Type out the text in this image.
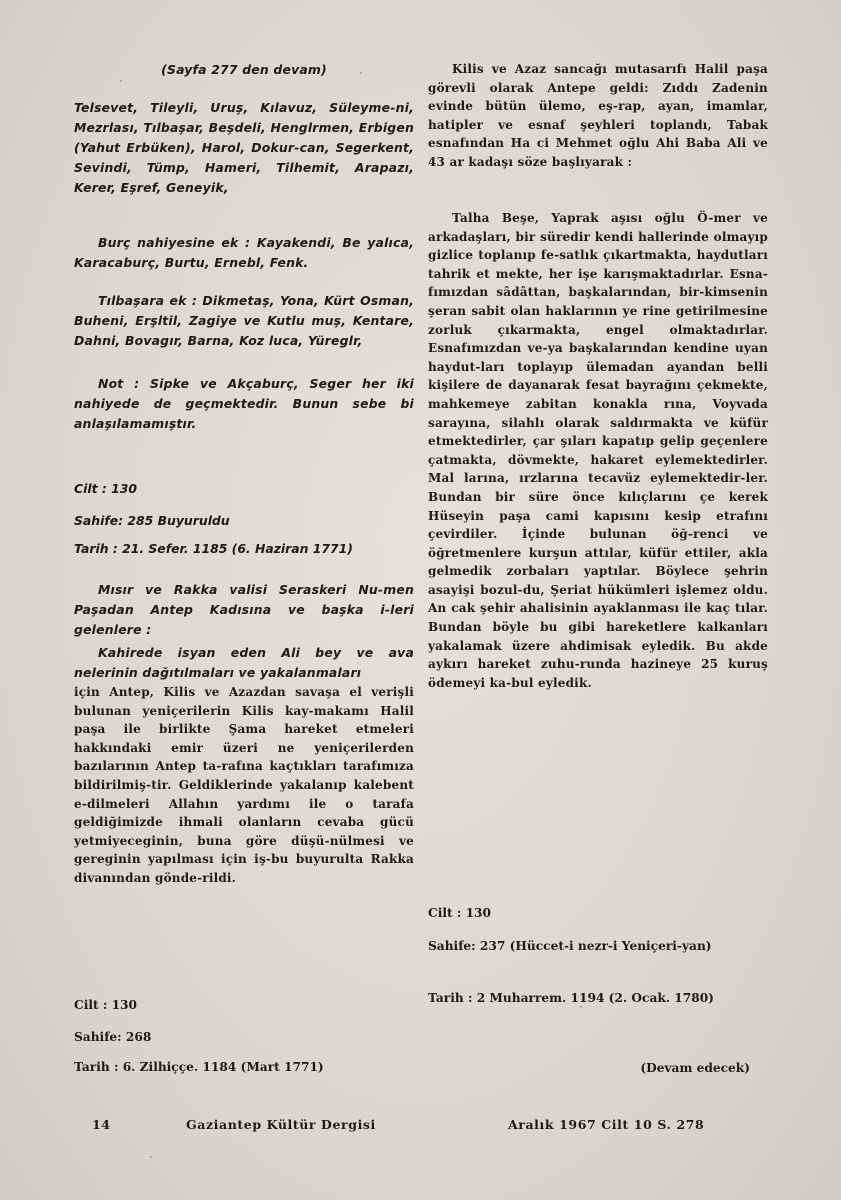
(Sayfa 277 den devam)

Telsevet, Tileyli, Uruş, Kılavuz, Süleyme-ni, Mezrlası, Tılbaşar, Beşdeli, Henglrmen, Erbigen (Yahut Erbüken), Harol, Dokur-can, Segerkent, Sevindi, Tümp, Hameri, Tilhemit, Arapazı, Kerer, Eşref, Geneyik,

Burç nahiyesine ek : Kayakendi, Be yalıca, Karacaburç, Burtu, Ernebl, Fenk.

Tılbaşara ek : Dikmetaş, Yona, Kürt Osman, Buheni, Erşltil, Zagiye ve Kutlu muş, Kentare, Dahni, Bovagır, Barna, Koz luca, Yüreglr,

Not : Sipke ve Akçaburç, Seger her iki nahiyede de geçmektedir. Bunun sebe bi anlaşılamamıştır.

Cilt : 130
Sahife: 285 Buyuruldu
Tarih : 21. Sefer. 1185 (6. Haziran 1771)

Mısır ve Rakka valisi Seraskeri Nu-men Paşadan Antep Kadısına ve başka i-leri gelenlere :

Kahirede isyan eden Ali bey ve ava nelerinin dağıtılmaları ve yakalanmaları

için Antep, Kilis ve Azazdan savaşa el verişli bulunan yeniçerilerin Kilis kay-makamı Halil paşa ile birlikte Şama hareket etmeleri hakkındaki emir üzeri ne yeniçerilerden bazılarının Antep ta-rafına kaçtıkları tarafımıza bildirilmiş-tir. Geldiklerinde yakalanıp kalebent e-dilmeleri Allahın yardımı ile o tarafa geldiğimizde ihmali olanların cevaba gücü yetmiyeceginin, buna göre düşü-nülmesi ve gereginin yapılması için iş-bu buyurulta Rakka divanından gönde-rildi.

Cilt : 130
Sahife: 268
Tarih : 6. Zilhiççe. 1184 (Mart 1771)

Kilis ve Azaz sancağı mutasarıfı Halil paşa görevli olarak Antepe geldi: Zıddı Zadenin evinde bütün ülemo, eş-rap, ayan, imamlar, hatipler ve esnaf şeyhleri toplandı, Tabak esnafından Ha ci Mehmet oğlu Ahi Baba Ali ve 43 ar kadaşı söze başlıyarak :

Talha Beşe, Yaprak aşısı oğlu Ö-mer ve arkadaşları, bir süredir kendi hallerinde olmayıp gizlice toplanıp fe-satlık çıkartmakta, haydutları tahrik et mekte, her işe karışmaktadırlar. Esna-fımızdan sâdâttan, başkalarından, bir-kimsenin şeran sabit olan haklarının ye rine getirilmesine zorluk çıkarmakta, engel olmaktadırlar. Esnafımızdan ve-ya başkalarından kendine uyan haydut-ları toplayıp ülemadan ayandan belli kişilere de dayanarak fesat bayrağını çekmekte, mahkemeye zabitan konakla rına, Voyvada sarayına, silahlı olarak saldırmakta ve küfür etmektedirler, çar şıları kapatıp gelip geçenlere çatmakta, dövmekte, hakaret eylemektedirler. Mal larına, ırzlarına tecavüz eylemektedir-ler. Bundan bir süre önce kılıçlarını çe kerek Hüseyin paşa cami kapısını kesip etrafını çevirdiler. İçinde bulunan öğ-renci ve öğretmenlere kurşun attılar, küfür ettiler, akla gelmedik zorbaları yaptılar. Böylece şehrin asayişi bozul-du, Şeriat hükümleri işlemez oldu. An cak şehir ahalisinin ayaklanması ile kaç tılar. Bundan böyle bu gibi hareketlere kalkanları yakalamak üzere ahdimisak eyledik. Bu akde aykırı hareket zuhu-runda hazineye 25 kuruş ödemeyi ka-bul eyledik.

Cilt : 130

Sahife: 237 (Hüccet-i nezr-i Yeniçeri-yan)

Tarih : 2 Muharrem. 1194 (2. Ocak. 1780)

(Devam edecek)
14	Gaziantep Kültür Dergisi	Aralık 1967 Cilt 10 S. 278
